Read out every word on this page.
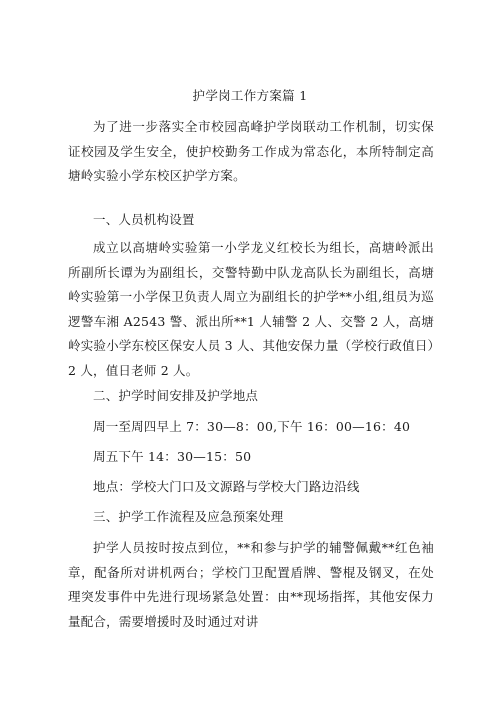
护学岗工作方案篇 1
为了进一步落实全市校园高峰护学岗联动工作机制，切实保证校园及学生安全，使护校勤务工作成为常态化，本所特制定高塘岭实验小学东校区护学方案。
一、人员机构设置
成立以高塘岭实验第一小学龙义红校长为组长，高塘岭派出所副所长谭为为副组长，交警特勤中队龙高队长为副组长，高塘岭实验第一小学保卫负责人周立为副组长的护学**小组,组员为巡逻警车湘 A2543 警、派出所**1 人辅警 2 人、交警 2 人，高塘岭实验小学东校区保安人员 3 人、其他安保力量（学校行政值日）2 人，值日老师 2 人。
二、护学时间安排及护学地点
周一至周四早上 7：30—8：00,下午 16：00—16：40
周五下午 14：30—15：50
地点：学校大门口及文源路与学校大门路边沿线
三、护学工作流程及应急预案处理
护学人员按时按点到位，**和参与护学的辅警佩戴**红色袖章，配备所对讲机两台；学校门卫配置盾牌、警棍及钢叉，在处理突发事件中先进行现场紧急处置：由**现场指挥，其他安保力量配合，需要增援时及时通过对讲
